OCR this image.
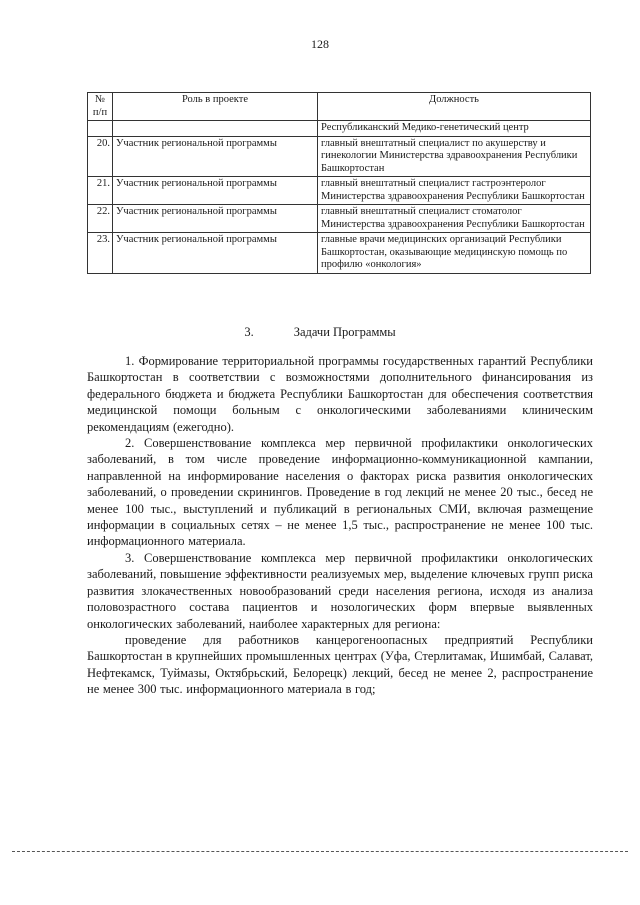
128
№ п/п	Роль в проекте	Должность
		Республиканский Медико-генетический центр
20.	Участник региональной программы	главный внештатный специалист по акушерству и гинекологии Министерства здравоохранения Республики Башкортостан
21.	Участник региональной программы	главный внештатный специалист гастроэнтеролог Министерства здравоохранения Республики Башкортостан
22.	Участник региональной программы	главный внештатный специалист стоматолог Министерства здравоохранения Республики Башкортостан
23.	Участник региональной программы	главные врачи медицинских организаций Республики Башкортостан, оказывающие медицинскую помощь по профилю «онкология»
3.	Задачи Программы

1. Формирование территориальной программы государственных гарантий Республики Башкортостан в соответствии с возможностями дополнительного финансирования из федерального бюджета и бюджета Республики Башкортостан для обеспечения соответствия медицинской помощи больным с онкологическими заболеваниями клиническим рекомендациям (ежегодно).

2. Совершенствование комплекса мер первичной профилактики онкологических заболеваний, в том числе проведение информационно-коммуникационной кампании, направленной на информирование населения о факторах риска развития онкологических заболеваний, о проведении скринингов. Проведение в год лекций не менее 20 тыс., бесед не менее 100 тыс., выступлений и публикаций в региональных СМИ, включая размещение информации в социальных сетях – не менее 1,5 тыс., распространение не менее 100 тыс. информационного материала.

3. Совершенствование комплекса мер первичной профилактики онкологических заболеваний, повышение эффективности реализуемых мер, выделение ключевых групп риска развития злокачественных новообразований среди населения региона, исходя из анализа половозрастного состава пациентов и нозологических форм впервые выявленных онкологических заболеваний, наиболее характерных для региона:

проведение для работников канцерогеноопасных предприятий Республики Башкортостан в крупнейших промышленных центрах (Уфа, Стерлитамак, Ишимбай, Салават, Нефтекамск, Туймазы, Октябрьский, Белорецк) лекций, бесед не менее 2, распространение не менее 300 тыс. информационного материала в год;
